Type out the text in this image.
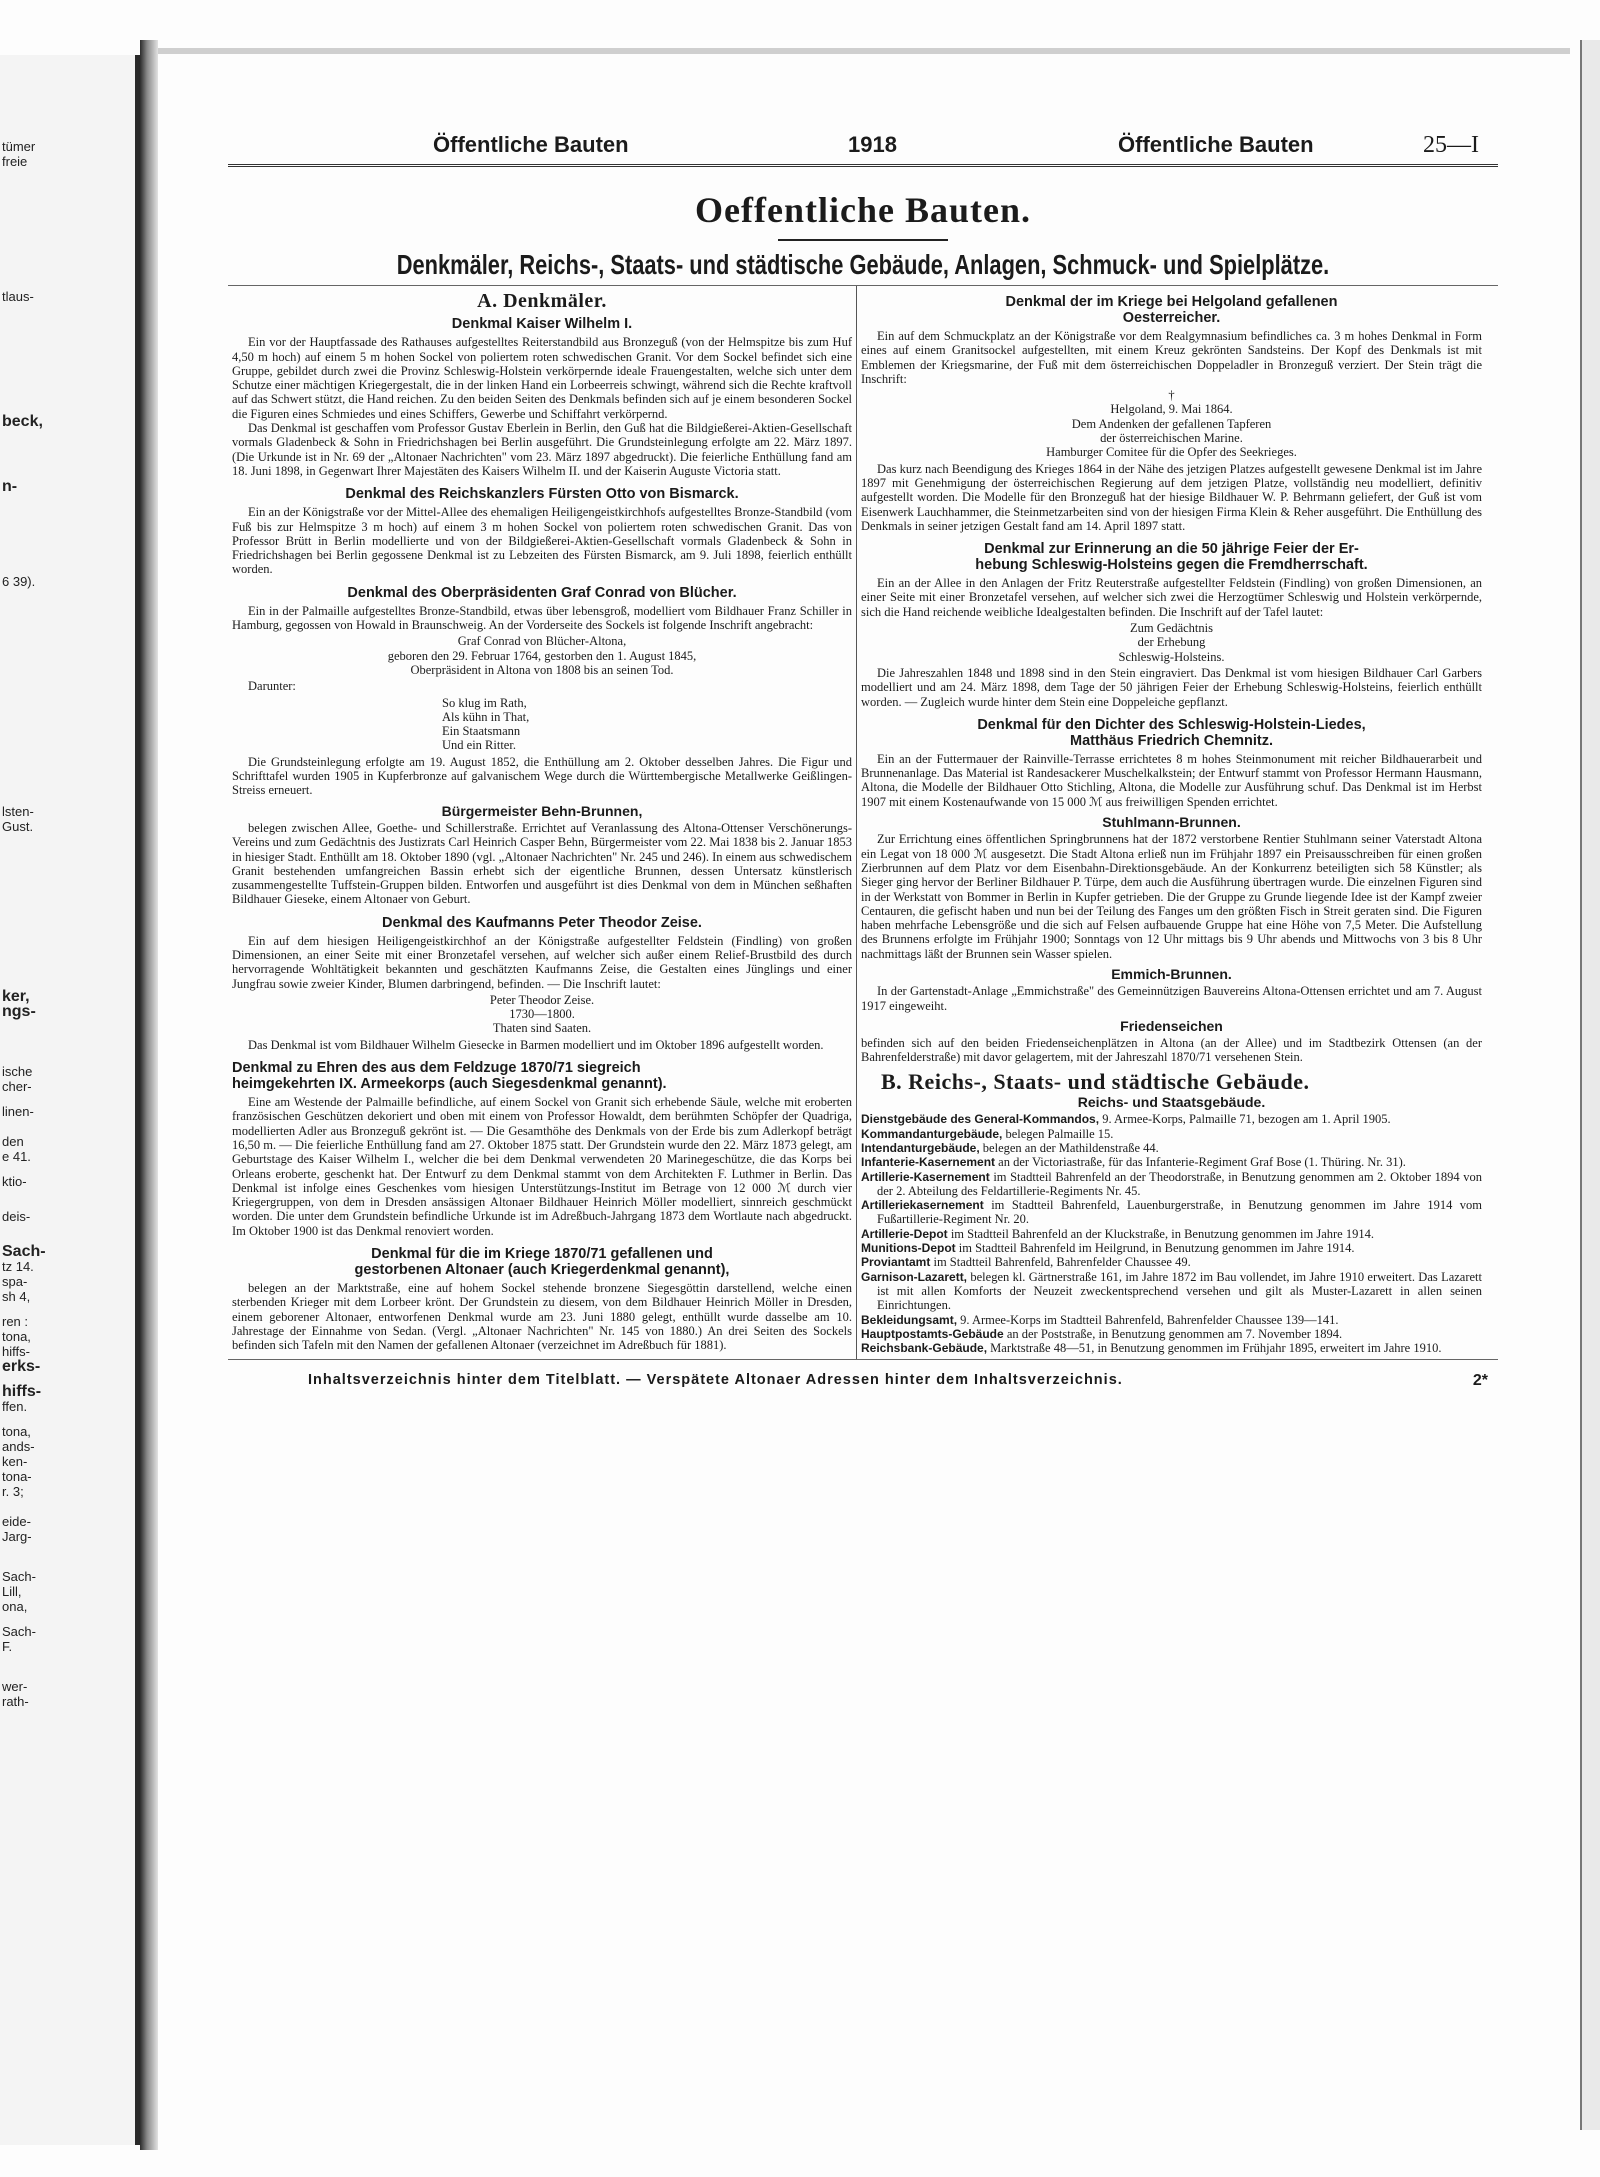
tümer
freie
tlaus-
beck,
n-
6 39).
lsten-
Gust.
ker,
ngs-
ische
cher-
linen-
den
e 41.
ktio-
deis-
Sach-
tz 14.
spa-
sh 4,
ren :
tona,
hiffs-
erks-
hiffs-
ffen.
tona,
ands-
ken-
tona-
r. 3;
eide-
Jarg-
Sach-
Lill,
ona,
Sach-
F.
wer-
rath-
Öffentliche Bauten	1918	Öffentliche Bauten	25—I
Oeffentliche Bauten.
Denkmäler, Reichs-, Staats- und städtische Gebäude, Anlagen, Schmuck- und Spielplätze.
A. Denkmäler.
Denkmal Kaiser Wilhelm I.

Ein vor der Hauptfassade des Rathauses aufgestelltes Reiterstandbild aus Bronzeguß (von der Helmspitze bis zum Huf 4,50 m hoch) auf einem 5 m hohen Sockel von poliertem roten schwedischen Granit. Vor dem Sockel befindet sich eine Gruppe, gebildet durch zwei die Provinz Schleswig-Holstein verkörpernde ideale Frauengestalten, welche sich unter dem Schutze einer mächtigen Kriegergestalt, die in der linken Hand ein Lorbeerreis schwingt, während sich die Rechte kraftvoll auf das Schwert stützt, die Hand reichen. Zu den beiden Seiten des Denkmals befinden sich auf je einem besonderen Sockel die Figuren eines Schmiedes und eines Schiffers, Gewerbe und Schiffahrt verkörpernd.

Das Denkmal ist geschaffen vom Professor Gustav Eberlein in Berlin, den Guß hat die Bildgießerei-Aktien-Gesellschaft vormals Gladenbeck & Sohn in Friedrichshagen bei Berlin ausgeführt. Die Grundsteinlegung erfolgte am 22. März 1897. (Die Urkunde ist in Nr. 69 der „Altonaer Nachrichten" vom 23. März 1897 abgedruckt). Die feierliche Enthüllung fand am 18. Juni 1898, in Gegenwart Ihrer Majestäten des Kaisers Wilhelm II. und der Kaiserin Auguste Victoria statt.

Denkmal des Reichskanzlers Fürsten Otto von Bismarck.

Ein an der Königstraße vor der Mittel-Allee des ehemaligen Heiligengeistkirchhofs aufgestelltes Bronze-Standbild (vom Fuß bis zur Helmspitze 3 m hoch) auf einem 3 m hohen Sockel von poliertem roten schwedischen Granit. Das von Professor Brütt in Berlin modellierte und von der Bildgießerei-Aktien-Gesellschaft vormals Gladenbeck & Sohn in Friedrichshagen bei Berlin gegossene Denkmal ist zu Lebzeiten des Fürsten Bismarck, am 9. Juli 1898, feierlich enthüllt worden.

Denkmal des Oberpräsidenten Graf Conrad von Blücher.

Ein in der Palmaille aufgestelltes Bronze-Standbild, etwas über lebensgroß, modelliert vom Bildhauer Franz Schiller in Hamburg, gegossen von Howald in Braunschweig. An der Vorderseite des Sockels ist folgende Inschrift angebracht:

Graf Conrad von Blücher-Altona,
geboren den 29. Februar 1764, gestorben den 1. August 1845,
Oberpräsident in Altona von 1808 bis an seinen Tod.
Darunter:
So klug im Rath,
Als kühn in That,
Ein Staatsmann
Und ein Ritter.

Die Grundsteinlegung erfolgte am 19. August 1852, die Enthüllung am 2. Oktober desselben Jahres. Die Figur und Schrifttafel wurden 1905 in Kupferbronze auf galvanischem Wege durch die Württembergische Metallwerke Geißlingen-Streiss erneuert.

Bürgermeister Behn-Brunnen,

belegen zwischen Allee, Goethe- und Schillerstraße. Errichtet auf Veranlassung des Altona-Ottenser Verschönerungs-Vereins und zum Gedächtnis des Justizrats Carl Heinrich Casper Behn, Bürgermeister vom 22. Mai 1838 bis 2. Januar 1853 in hiesiger Stadt. Enthüllt am 18. Oktober 1890 (vgl. „Altonaer Nachrichten" Nr. 245 und 246). In einem aus schwedischem Granit bestehenden umfangreichen Bassin erhebt sich der eigentliche Brunnen, dessen Untersatz künstlerisch zusammengestellte Tuffstein-Gruppen bilden. Entworfen und ausgeführt ist dies Denkmal von dem in München seßhaften Bildhauer Gieseke, einem Altonaer von Geburt.

Denkmal des Kaufmanns Peter Theodor Zeise.

Ein auf dem hiesigen Heiligengeistkirchhof an der Königstraße aufgestellter Feldstein (Findling) von großen Dimensionen, an einer Seite mit einer Bronzetafel versehen, auf welcher sich außer einem Relief-Brustbild des durch hervorragende Wohltätigkeit bekannten und geschätzten Kaufmanns Zeise, die Gestalten eines Jünglings und einer Jungfrau sowie zweier Kinder, Blumen darbringend, befinden. — Die Inschrift lautet:

Peter Theodor Zeise.
1730—1800.
Thaten sind Saaten.

Das Denkmal ist vom Bildhauer Wilhelm Giesecke in Barmen modelliert und im Oktober 1896 aufgestellt worden.

Denkmal zu Ehren des aus dem Feldzuge 1870/71 siegreich
heimgekehrten IX. Armeekorps (auch Siegesdenkmal genannt).

Eine am Westende der Palmaille befindliche, auf einem Sockel von Granit sich erhebende Säule, welche mit eroberten französischen Geschützen dekoriert und oben mit einem von Professor Howaldt, dem berühmten Schöpfer der Quadriga, modellierten Adler aus Bronzeguß gekrönt ist. — Die Gesamthöhe des Denkmals von der Erde bis zum Adlerkopf beträgt 16,50 m. — Die feierliche Enthüllung fand am 27. Oktober 1875 statt. Der Grundstein wurde den 22. März 1873 gelegt, am Geburtstage des Kaiser Wilhelm I., welcher die bei dem Denkmal verwendeten 20 Marinegeschütze, die das Korps bei Orleans eroberte, geschenkt hat. Der Entwurf zu dem Denkmal stammt von dem Architekten F. Luthmer in Berlin. Das Denkmal ist infolge eines Geschenkes vom hiesigen Unterstützungs-Institut im Betrage von 12 000 ℳ durch vier Kriegergruppen, von dem in Dresden ansässigen Altonaer Bildhauer Heinrich Möller modelliert, sinnreich geschmückt worden. Die unter dem Grundstein befindliche Urkunde ist im Adreßbuch-Jahrgang 1873 dem Wortlaute nach abgedruckt. Im Oktober 1900 ist das Denkmal renoviert worden.

Denkmal für die im Kriege 1870/71 gefallenen und
gestorbenen Altonaer (auch Kriegerdenkmal genannt),

belegen an der Marktstraße, eine auf hohem Sockel stehende bronzene Siegesgöttin darstellend, welche einen sterbenden Krieger mit dem Lorbeer krönt. Der Grundstein zu diesem, von dem Bildhauer Heinrich Möller in Dresden, einem geborener Altonaer, entworfenen Denkmal wurde am 23. Juni 1880 gelegt, enthüllt wurde dasselbe am 10. Jahrestage der Einnahme von Sedan. (Vergl. „Altonaer Nachrichten" Nr. 145 von 1880.) An drei Seiten des Sockels befinden sich Tafeln mit den Namen der gefallenen Altonaer (verzeichnet im Adreßbuch für 1881).

Denkmal der im Kriege bei Helgoland gefallenen
Oesterreicher.

Ein auf dem Schmuckplatz an der Königstraße vor dem Realgymnasium befindliches ca. 3 m hohes Denkmal in Form eines auf einem Granitsockel aufgestellten, mit einem Kreuz gekrönten Sandsteins. Der Kopf des Denkmals ist mit Emblemen der Kriegsmarine, der Fuß mit dem österreichischen Doppeladler in Bronzeguß verziert. Der Stein trägt die Inschrift:

†
Helgoland, 9. Mai 1864.
Dem Andenken der gefallenen Tapferen
der österreichischen Marine.
Hamburger Comitee für die Opfer des Seekrieges.

Das kurz nach Beendigung des Krieges 1864 in der Nähe des jetzigen Platzes aufgestellt gewesene Denkmal ist im Jahre 1897 mit Genehmigung der österreichischen Regierung auf dem jetzigen Platze, vollständig neu modelliert, definitiv aufgestellt worden. Die Modelle für den Bronzeguß hat der hiesige Bildhauer W. P. Behrmann geliefert, der Guß ist vom Eisenwerk Lauchhammer, die Steinmetzarbeiten sind von der hiesigen Firma Klein & Reher ausgeführt. Die Enthüllung des Denkmals in seiner jetzigen Gestalt fand am 14. April 1897 statt.

Denkmal zur Erinnerung an die 50 jährige Feier der Er-
hebung Schleswig-Holsteins gegen die Fremdherrschaft.

Ein an der Allee in den Anlagen der Fritz Reuterstraße aufgestellter Feldstein (Findling) von großen Dimensionen, an einer Seite mit einer Bronzetafel versehen, auf welcher sich zwei die Herzogtümer Schleswig und Holstein verkörpernde, sich die Hand reichende weibliche Idealgestalten befinden. Die Inschrift auf der Tafel lautet:

Zum Gedächtnis
der Erhebung
Schleswig-Holsteins.

Die Jahreszahlen 1848 und 1898 sind in den Stein eingraviert. Das Denkmal ist vom hiesigen Bildhauer Carl Garbers modelliert und am 24. März 1898, dem Tage der 50 jährigen Feier der Erhebung Schleswig-Holsteins, feierlich enthüllt worden. — Zugleich wurde hinter dem Stein eine Doppeleiche gepflanzt.

Denkmal für den Dichter des Schleswig-Holstein-Liedes,
Matthäus Friedrich Chemnitz.

Ein an der Futtermauer der Rainville-Terrasse errichtetes 8 m hohes Steinmonument mit reicher Bildhauerarbeit und Brunnenanlage. Das Material ist Randesackerer Muschelkalkstein; der Entwurf stammt von Professor Hermann Hausmann, Altona, die Modelle der Bildhauer Otto Stichling, Altona, die Modelle zur Ausführung schuf. Das Denkmal ist im Herbst 1907 mit einem Kostenaufwande von 15 000 ℳ aus freiwilligen Spenden errichtet.

Stuhlmann-Brunnen.

Zur Errichtung eines öffentlichen Springbrunnens hat der 1872 verstorbene Rentier Stuhlmann seiner Vaterstadt Altona ein Legat von 18 000 ℳ ausgesetzt. Die Stadt Altona erließ nun im Frühjahr 1897 ein Preisausschreiben für einen großen Zierbrunnen auf dem Platz vor dem Eisenbahn-Direktionsgebäude. An der Konkurrenz beteiligten sich 58 Künstler; als Sieger ging hervor der Berliner Bildhauer P. Türpe, dem auch die Ausführung übertragen wurde. Die einzelnen Figuren sind in der Werkstatt von Bommer in Berlin in Kupfer getrieben. Die der Gruppe zu Grunde liegende Idee ist der Kampf zweier Centauren, die gefischt haben und nun bei der Teilung des Fanges um den größten Fisch in Streit geraten sind. Die Figuren haben mehrfache Lebensgröße und die sich auf Felsen aufbauende Gruppe hat eine Höhe von 7,5 Meter. Die Aufstellung des Brunnens erfolgte im Frühjahr 1900; Sonntags von 12 Uhr mittags bis 9 Uhr abends und Mittwochs von 3 bis 8 Uhr nachmittags läßt der Brunnen sein Wasser spielen.

Emmich-Brunnen.

In der Gartenstadt-Anlage „Emmichstraße" des Gemeinnützigen Bauvereins Altona-Ottensen errichtet und am 7. August 1917 eingeweiht.

Friedenseichen

befinden sich auf den beiden Friedenseichenplätzen in Altona (an der Allee) und im Stadtbezirk Ottensen (an der Bahrenfelderstraße) mit davor gelagertem, mit der Jahreszahl 1870/71 versehenen Stein.

B. Reichs-, Staats- und städtische Gebäude.
Reichs- und Staatsgebäude.
Dienstgebäude des General-Kommandos, 9. Armee-Korps, Palmaille 71, bezogen am 1. April 1905.
Kommandanturgebäude, belegen Palmaille 15.
Intendanturgebäude, belegen an der Mathildenstraße 44.
Infanterie-Kasernement an der Victoriastraße, für das Infanterie-Regiment Graf Bose (1. Thüring. Nr. 31).
Artillerie-Kasernement im Stadtteil Bahrenfeld an der Theodorstraße, in Benutzung genommen am 2. Oktober 1894 von der 2. Abteilung des Feldartillerie-Regiments Nr. 45.
Artilleriekasernement im Stadtteil Bahrenfeld, Lauenburgerstraße, in Benutzung genommen im Jahre 1914 vom Fußartillerie-Regiment Nr. 20.
Artillerie-Depot im Stadtteil Bahrenfeld an der Kluckstraße, in Benutzung genommen im Jahre 1914.
Munitions-Depot im Stadtteil Bahrenfeld im Heilgrund, in Benutzung genommen im Jahre 1914.
Proviantamt im Stadtteil Bahrenfeld, Bahrenfelder Chaussee 49.
Garnison-Lazarett, belegen kl. Gärtnerstraße 161, im Jahre 1872 im Bau vollendet, im Jahre 1910 erweitert. Das Lazarett ist mit allen Komforts der Neuzeit zweckentsprechend versehen und gilt als Muster-Lazarett in allen seinen Einrichtungen.
Bekleidungsamt, 9. Armee-Korps im Stadtteil Bahrenfeld, Bahrenfelder Chaussee 139—141.
Hauptpostamts-Gebäude an der Poststraße, in Benutzung genommen am 7. November 1894.
Reichsbank-Gebäude, Marktstraße 48—51, in Benutzung genommen im Frühjahr 1895, erweitert im Jahre 1910.
Inhaltsverzeichnis hinter dem Titelblatt. — Verspätete Altonaer Adressen hinter dem Inhaltsverzeichnis.	2*
